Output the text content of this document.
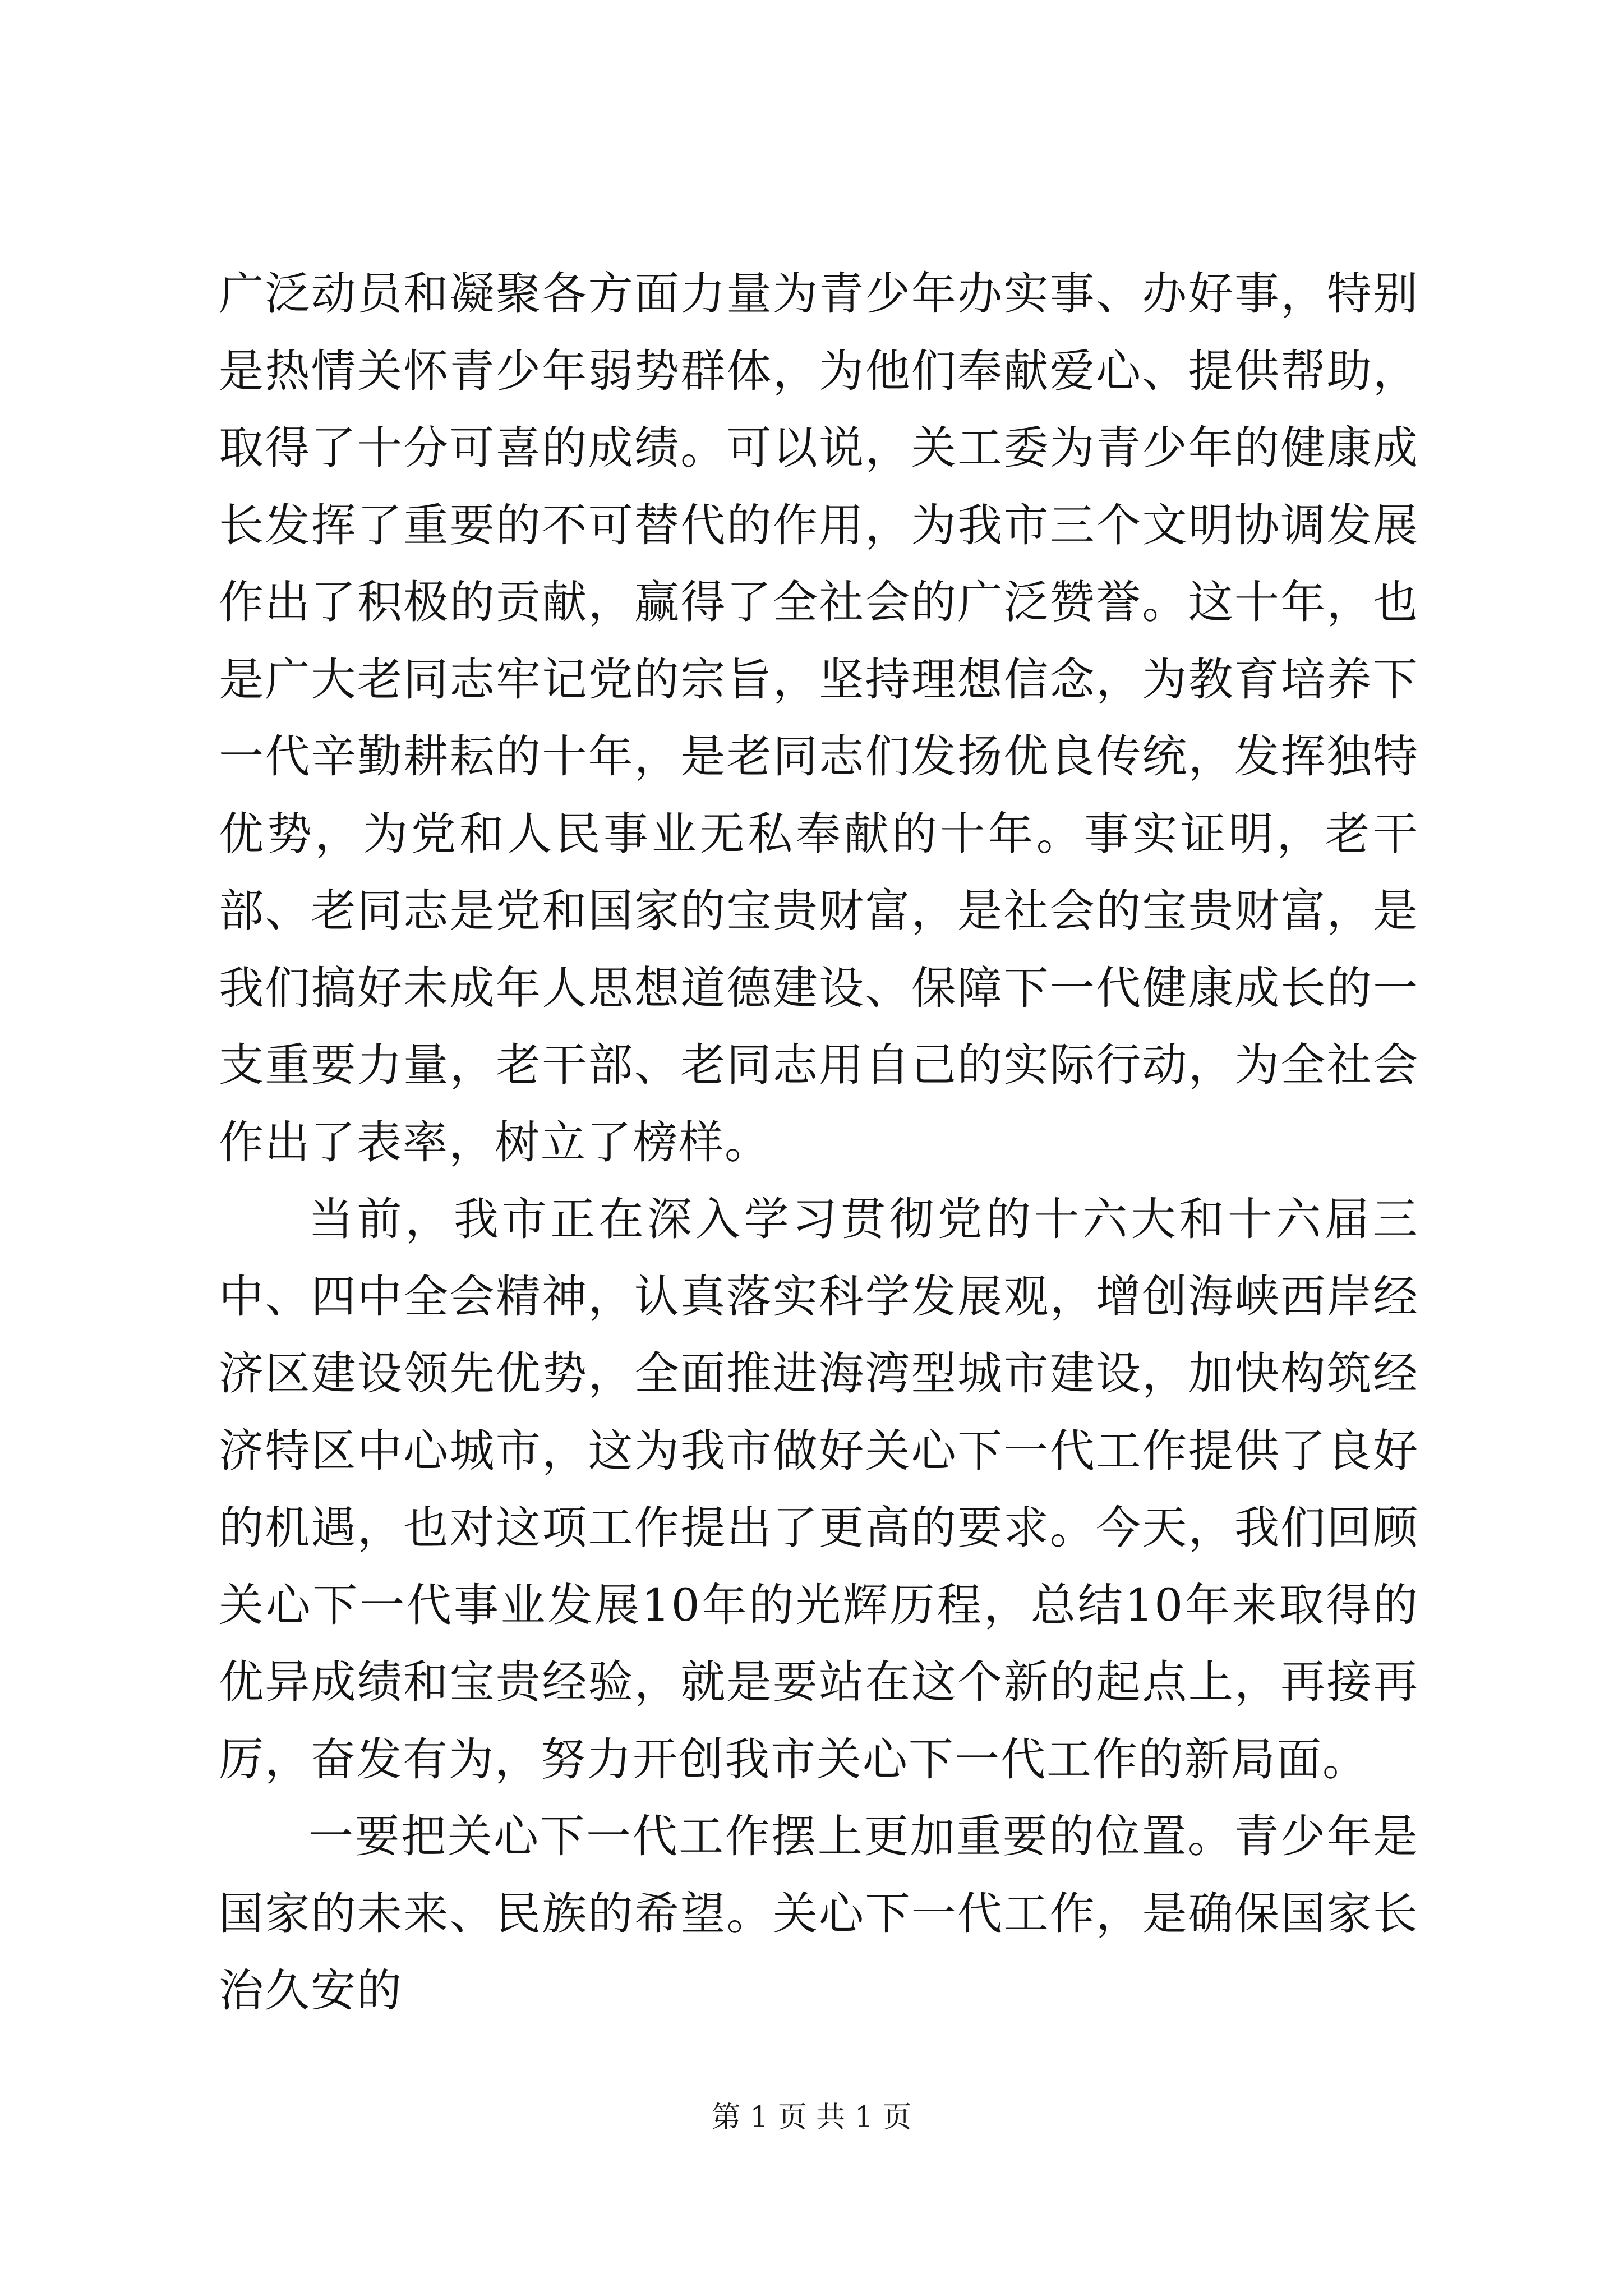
广泛动员和凝聚各方面力量为青少年办实事、办好事，特别是热情关怀青少年弱势群体，为他们奉献爱心、提供帮助，取得了十分可喜的成绩。可以说，关工委为青少年的健康成长发挥了重要的不可替代的作用，为我市三个文明协调发展作出了积极的贡献，赢得了全社会的广泛赞誉。这十年，也是广大老同志牢记党的宗旨，坚持理想信念，为教育培养下一代辛勤耕耘的十年，是老同志们发扬优良传统，发挥独特优势，为党和人民事业无私奉献的十年。事实证明，老干部、老同志是党和国家的宝贵财富，是社会的宝贵财富，是我们搞好未成年人思想道德建设、保障下一代健康成长的一支重要力量，老干部、老同志用自己的实际行动，为全社会作出了表率，树立了榜样。

当前，我市正在深入学习贯彻党的十六大和十六届三中、四中全会精神，认真落实科学发展观，增创海峡西岸经济区建设领先优势，全面推进海湾型城市建设，加快构筑经济特区中心城市，这为我市做好关心下一代工作提供了良好的机遇，也对这项工作提出了更高的要求。今天，我们回顾关心下一代事业发展10年的光辉历程，总结10年来取得的优异成绩和宝贵经验，就是要站在这个新的起点上，再接再厉，奋发有为，努力开创我市关心下一代工作的新局面。

一要把关心下一代工作摆上更加重要的位置。青少年是国家的未来、民族的希望。关心下一代工作，是确保国家长治久安的

第 1 页 共 1 页
